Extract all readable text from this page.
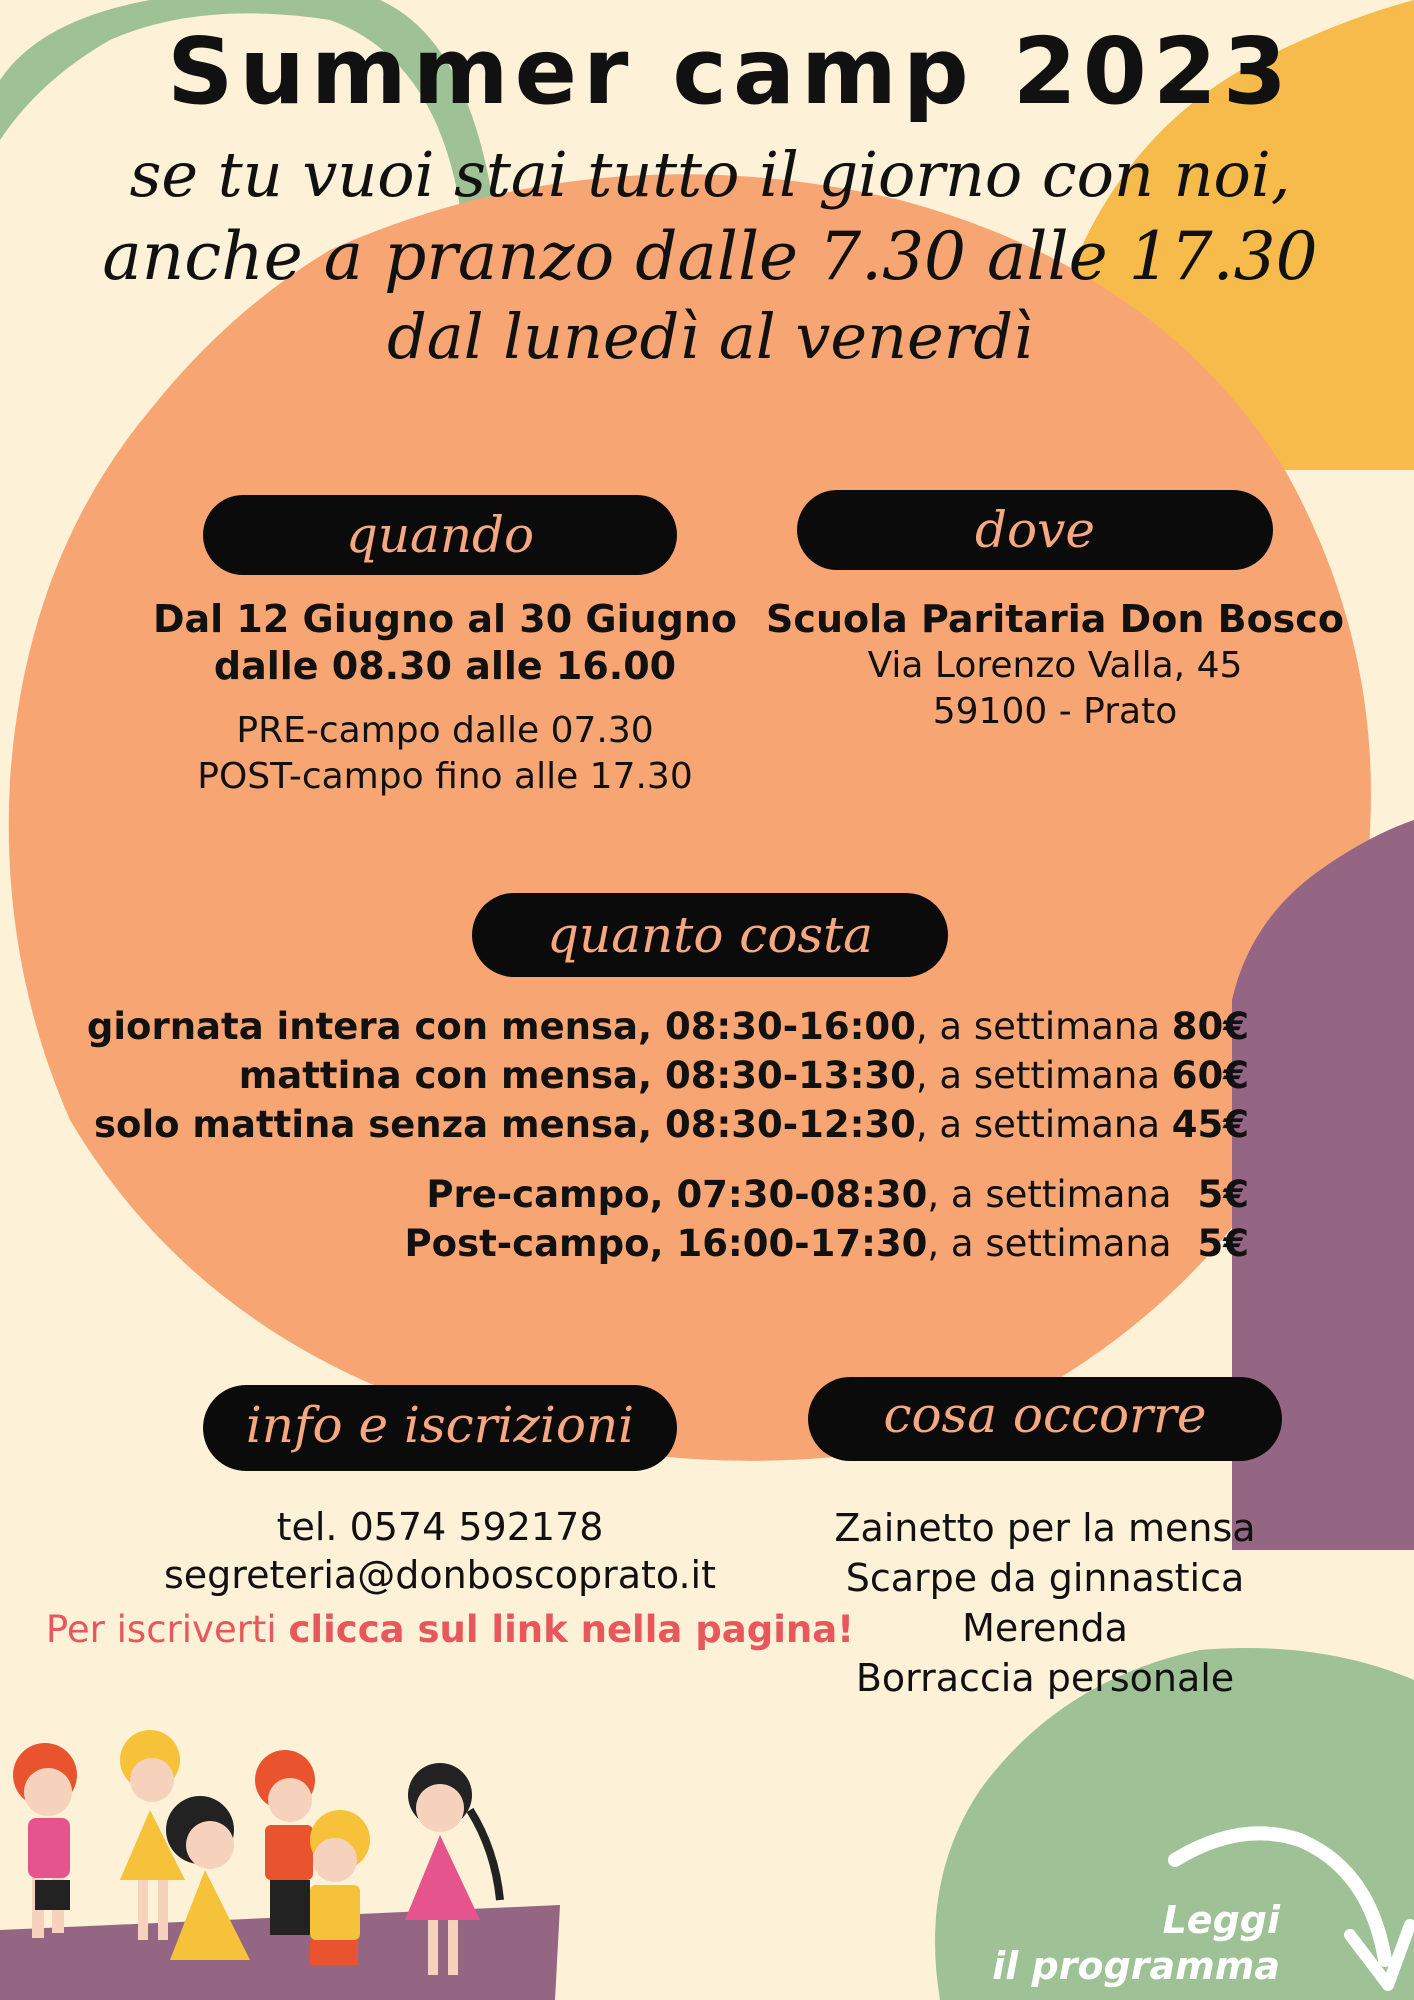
Summer camp 2023
se tu vuoi stai tutto il giorno con noi,
anche a pranzo dalle 7.30 alle 17.30
dal lunedì al venerdì
quando
Dal 12 Giugno al 30 Giugno
dalle 08.30 alle 16.00
PRE-campo dalle 07.30
POST-campo fino alle 17.30
dove
Scuola Paritaria Don Bosco
Via Lorenzo Valla, 45
59100 - Prato
quanto costa
giornata intera con mensa, 08:30-16:00, a settimana 80€
mattina con mensa, 08:30-13:30, a settimana 60€
solo mattina senza mensa, 08:30-12:30, a settimana 45€
Pre-campo, 07:30-08:30, a settimana 5€
Post-campo, 16:00-17:30, a settimana 5€
info e iscrizioni
tel. 0574 592178
segreteria@donboscoprato.it
Per iscriverti clicca sul link nella pagina!
cosa occorre
Zainetto per la mensa
Scarpe da ginnastica
Merenda
Borraccia personale
Leggi
il programma
